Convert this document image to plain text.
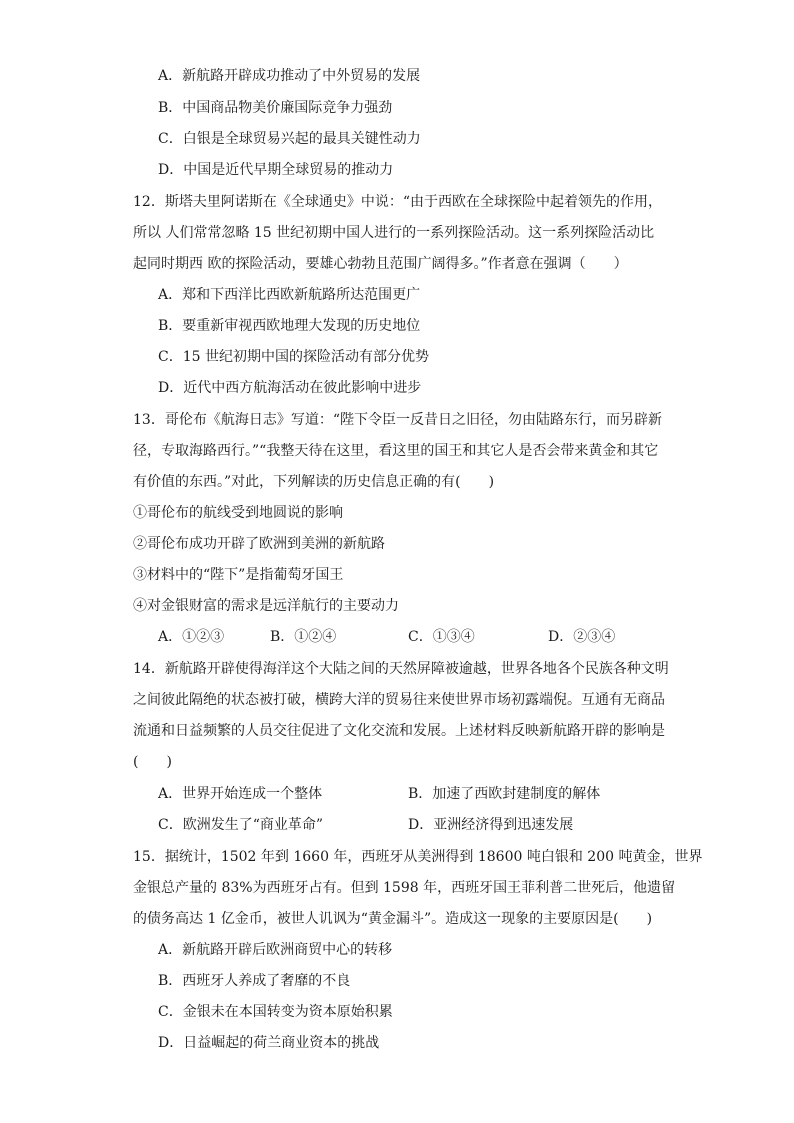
A．新航路开辟成功推动了中外贸易的发展
B．中国商品物美价廉国际竞争力强劲
C．白银是全球贸易兴起的最具关键性动力
D．中国是近代早期全球贸易的推动力
12．斯塔夫里阿诺斯在《全球通史》中说：“由于西欧在全球探险中起着领先的作用，
所以 人们常常忽略 15 世纪初期中国人进行的一系列探险活动。这一系列探险活动比
起同时期西 欧的探险活动，要雄心勃勃且范围广阔得多。”作者意在强调（　　）
A．郑和下西洋比西欧新航路所达范围更广
B．要重新审视西欧地理大发现的历史地位
C．15 世纪初期中国的探险活动有部分优势
D．近代中西方航海活动在彼此影响中进步
13．哥伦布《航海日志》写道：“陛下令臣一反昔日之旧径，勿由陆路东行，而另辟新
径，专取海路西行。”“我整天待在这里，看这里的国王和其它人是否会带来黄金和其它
有价值的东西。”对此，下列解读的历史信息正确的有(　　)
①哥伦布的航线受到地圆说的影响
②哥伦布成功开辟了欧洲到美洲的新航路
③材料中的“陛下”是指葡萄牙国王
④对金银财富的需求是远洋航行的主要动力
A．①②③	B．①②④	C．①③④	D．②③④
14．新航路开辟使得海洋这个大陆之间的天然屏障被逾越，世界各地各个民族各种文明
之间彼此隔绝的状态被打破，横跨大洋的贸易往来使世界市场初露端倪。互通有无商品
流通和日益频繁的人员交往促进了文化交流和发展。上述材料反映新航路开辟的影响是
(　　)
A．世界开始连成一个整体	B．加速了西欧封建制度的解体
C．欧洲发生了“商业革命”	D．亚洲经济得到迅速发展
15．据统计，1502 年到 1660 年，西班牙从美洲得到 18600 吨白银和 200 吨黄金，世界
金银总产量的 83%为西班牙占有。但到 1598 年，西班牙国王菲利普二世死后，他遗留
的债务高达 1 亿金币，被世人讥讽为“黄金漏斗”。造成这一现象的主要原因是(　　)
A．新航路开辟后欧洲商贸中心的转移
B．西班牙人养成了奢靡的不良
C．金银未在本国转变为资本原始积累
D．日益崛起的荷兰商业资本的挑战
